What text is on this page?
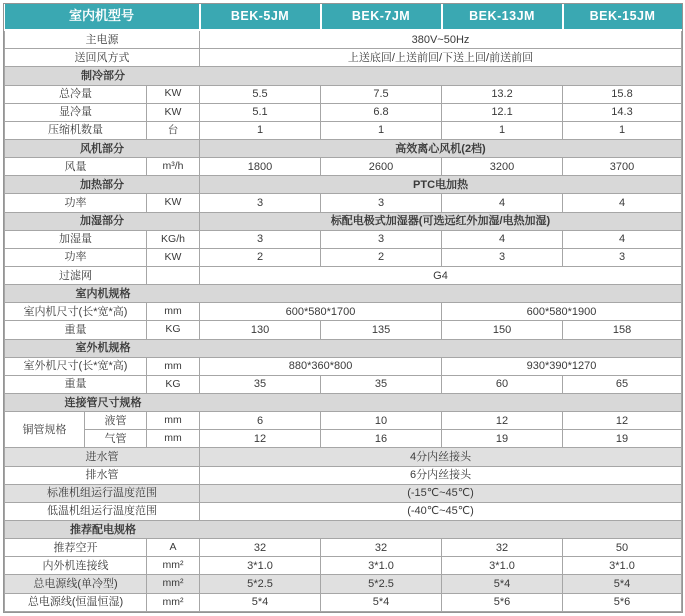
室内机型号			BEK-5JM	BEK-7JM	BEK-13JM	BEK-15JM
主电源			380V~50Hz			
送回风方式			上送底回/上送前回/下送上回/前送前回			
制冷部分						
总冷量		KW	5.5	7.5	13.2	15.8
显冷量		KW	5.1	6.8	12.1	14.3
压缩机数量		台	1	1	1	1
风机部分			高效离心风机(2档)			
风量		m³/h	1800	2600	3200	3700
加热部分			PTC电加热			
功率		KW	3	3	4	4
加湿部分			标配电极式加湿器(可选远红外加湿/电热加湿)			
加湿量		KG/h	3	3	4	4
功率		KW	2	2	3	3
过滤网			G4			
室内机规格						
室内机尺寸(长*宽*高)		mm	600*580*1700		600*580*1900	
重量		KG	130	135	150	158
室外机规格						
室外机尺寸(长*宽*高)		mm	880*360*800		930*390*1270	
重量		KG	35	35	60	65
连接管尺寸规格						
铜管规格	液管	mm	6	10	12	12
	气管	mm	12	16	19	19
进水管			4分内丝接头			
排水管			6分内丝接头			
标准机组运行温度范围			(-15℃~45℃)			
低温机组运行温度范围			(-40℃~45℃)			
推荐配电规格						
推荐空开		A	32	32	32	50
内外机连接线		mm²	3*1.0	3*1.0	3*1.0	3*1.0
总电源线(单冷型)		mm²	5*2.5	5*2.5	5*4	5*4
总电源线(恒温恒湿)		mm²	5*4	5*4	5*6	5*6
